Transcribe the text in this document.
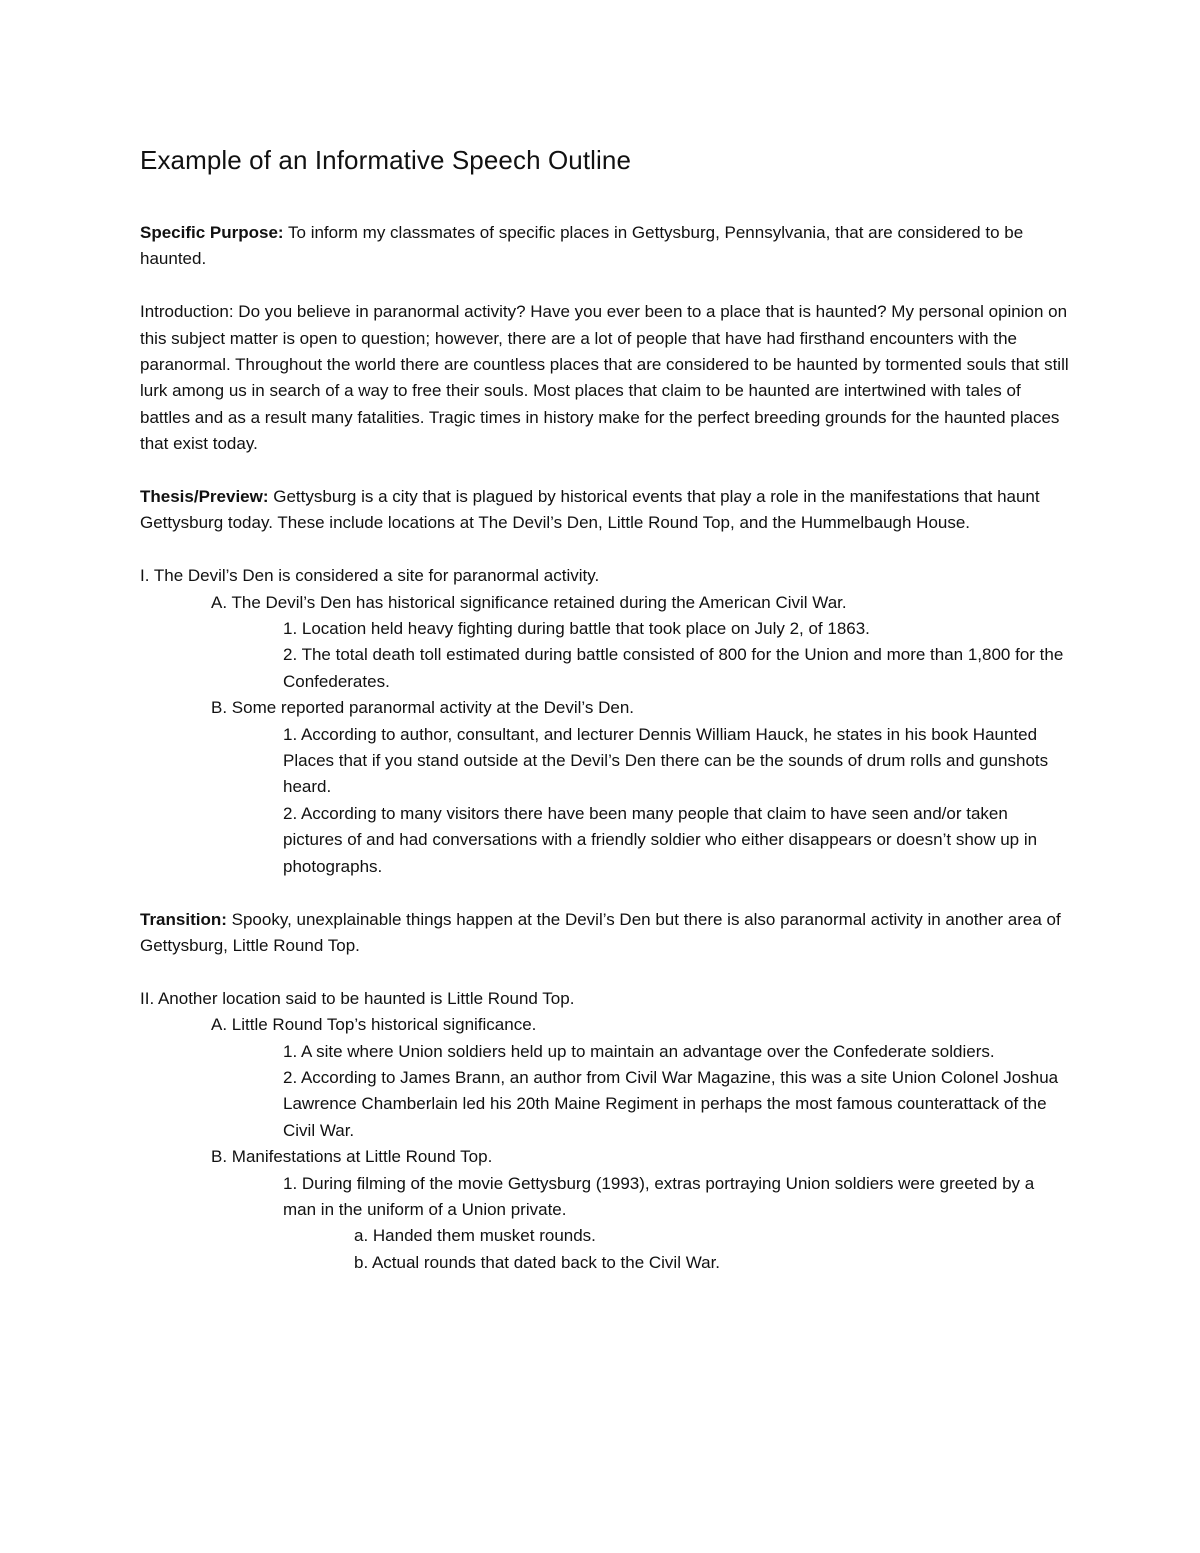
Example of an Informative Speech Outline

Specific Purpose: To inform my classmates of specific places in Gettysburg, Pennsylvania, that are considered to be haunted.

Introduction: Do you believe in paranormal activity? Have you ever been to a place that is haunted? My personal opinion on this subject matter is open to question; however, there are a lot of people that have had firsthand encounters with the paranormal. Throughout the world there are countless places that are considered to be haunted by tormented souls that still lurk among us in search of a way to free their souls. Most places that claim to be haunted are intertwined with tales of battles and as a result many fatalities. Tragic times in history make for the perfect breeding grounds for the haunted places that exist today.

Thesis/Preview: Gettysburg is a city that is plagued by historical events that play a role in the manifestations that haunt Gettysburg today. These include locations at The Devil’s Den, Little Round Top, and the Hummelbaugh House.

I. The Devil’s Den is considered a site for paranormal activity.

A. The Devil’s Den has historical significance retained during the American Civil War.

1. Location held heavy fighting during battle that took place on July 2, of 1863.

2. The total death toll estimated during battle consisted of 800 for the Union and more than 1,800 for the Confederates.

B. Some reported paranormal activity at the Devil’s Den.

1. According to author, consultant, and lecturer Dennis William Hauck, he states in his book Haunted Places that if you stand outside at the Devil’s Den there can be the sounds of drum rolls and gunshots heard.

2. According to many visitors there have been many people that claim to have seen and/or taken pictures of and had conversations with a friendly soldier who either disappears or doesn’t show up in photographs.

Transition: Spooky, unexplainable things happen at the Devil’s Den but there is also paranormal activity in another area of Gettysburg, Little Round Top.

II. Another location said to be haunted is Little Round Top.

A. Little Round Top’s historical significance.

1. A site where Union soldiers held up to maintain an advantage over the Confederate soldiers.

2. According to James Brann, an author from Civil War Magazine, this was a site Union Colonel Joshua Lawrence Chamberlain led his 20th Maine Regiment in perhaps the most famous counterattack of the Civil War.

B. Manifestations at Little Round Top.

1. During filming of the movie Gettysburg (1993), extras portraying Union soldiers were greeted by a man in the uniform of a Union private.

a. Handed them musket rounds.

b. Actual rounds that dated back to the Civil War.
